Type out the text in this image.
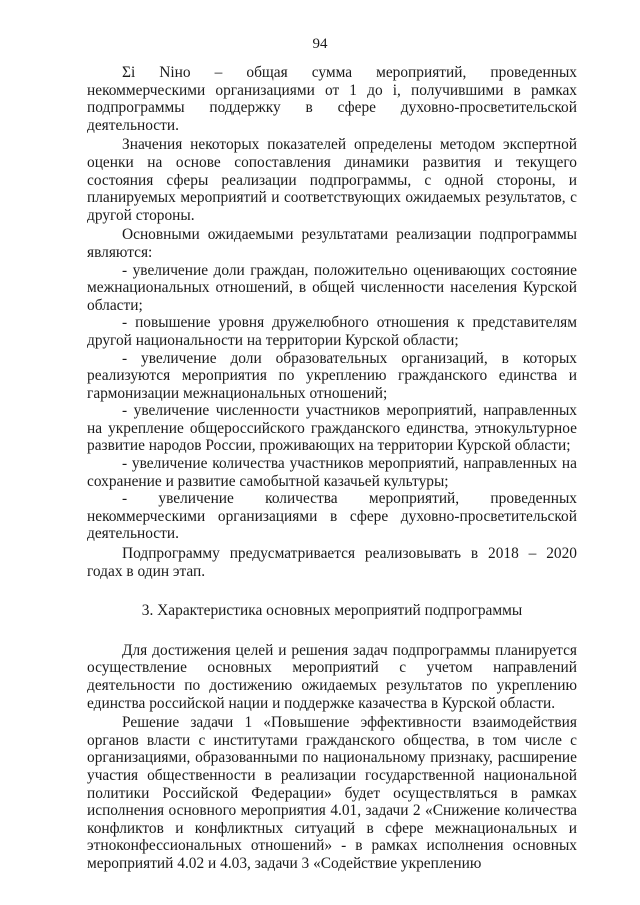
94

Σi Niнo – общая сумма мероприятий, проведенных некоммерческими организациями от 1 до i, получившими в рамках подпрограммы поддержку в сфере духовно-просветительской деятельности.

Значения некоторых показателей определены методом экспертной оценки на основе сопоставления динамики развития и текущего состояния сферы реализации подпрограммы, с одной стороны, и планируемых мероприятий и соответствующих ожидаемых результатов, с другой стороны.

Основными ожидаемыми результатами реализации подпрограммы являются:

- увеличение доли граждан, положительно оценивающих состояние межнациональных отношений, в общей численности населения Курской области;

- повышение уровня дружелюбного отношения к представителям другой национальности на территории Курской области;

- увеличение доли образовательных организаций, в которых реализуются мероприятия по укреплению гражданского единства и гармонизации межнациональных отношений;

- увеличение численности участников мероприятий, направленных на укрепление общероссийского гражданского единства, этнокультурное развитие народов России, проживающих на территории Курской области;

- увеличение количества участников мероприятий, направленных на сохранение и развитие самобытной казачьей культуры;

- увеличение количества мероприятий, проведенных некоммерческими организациями в сфере духовно-просветительской деятельности.

Подпрограмму предусматривается реализовывать в 2018 – 2020 годах в один этап.

3. Характеристика основных мероприятий подпрограммы

Для достижения целей и решения задач подпрограммы планируется осуществление основных мероприятий с учетом направлений деятельности по достижению ожидаемых результатов по укреплению единства российской нации и поддержке казачества в Курской области.

Решение задачи 1 «Повышение эффективности взаимодействия органов власти с институтами гражданского общества, в том числе с организациями, образованными по национальному признаку, расширение участия общественности в реализации государственной национальной политики Российской Федерации» будет осуществляться в рамках исполнения основного мероприятия 4.01, задачи 2 «Снижение количества конфликтов и конфликтных ситуаций в сфере межнациональных и этноконфессиональных отношений» - в рамках исполнения основных мероприятий 4.02 и 4.03, задачи 3 «Содействие укреплению
